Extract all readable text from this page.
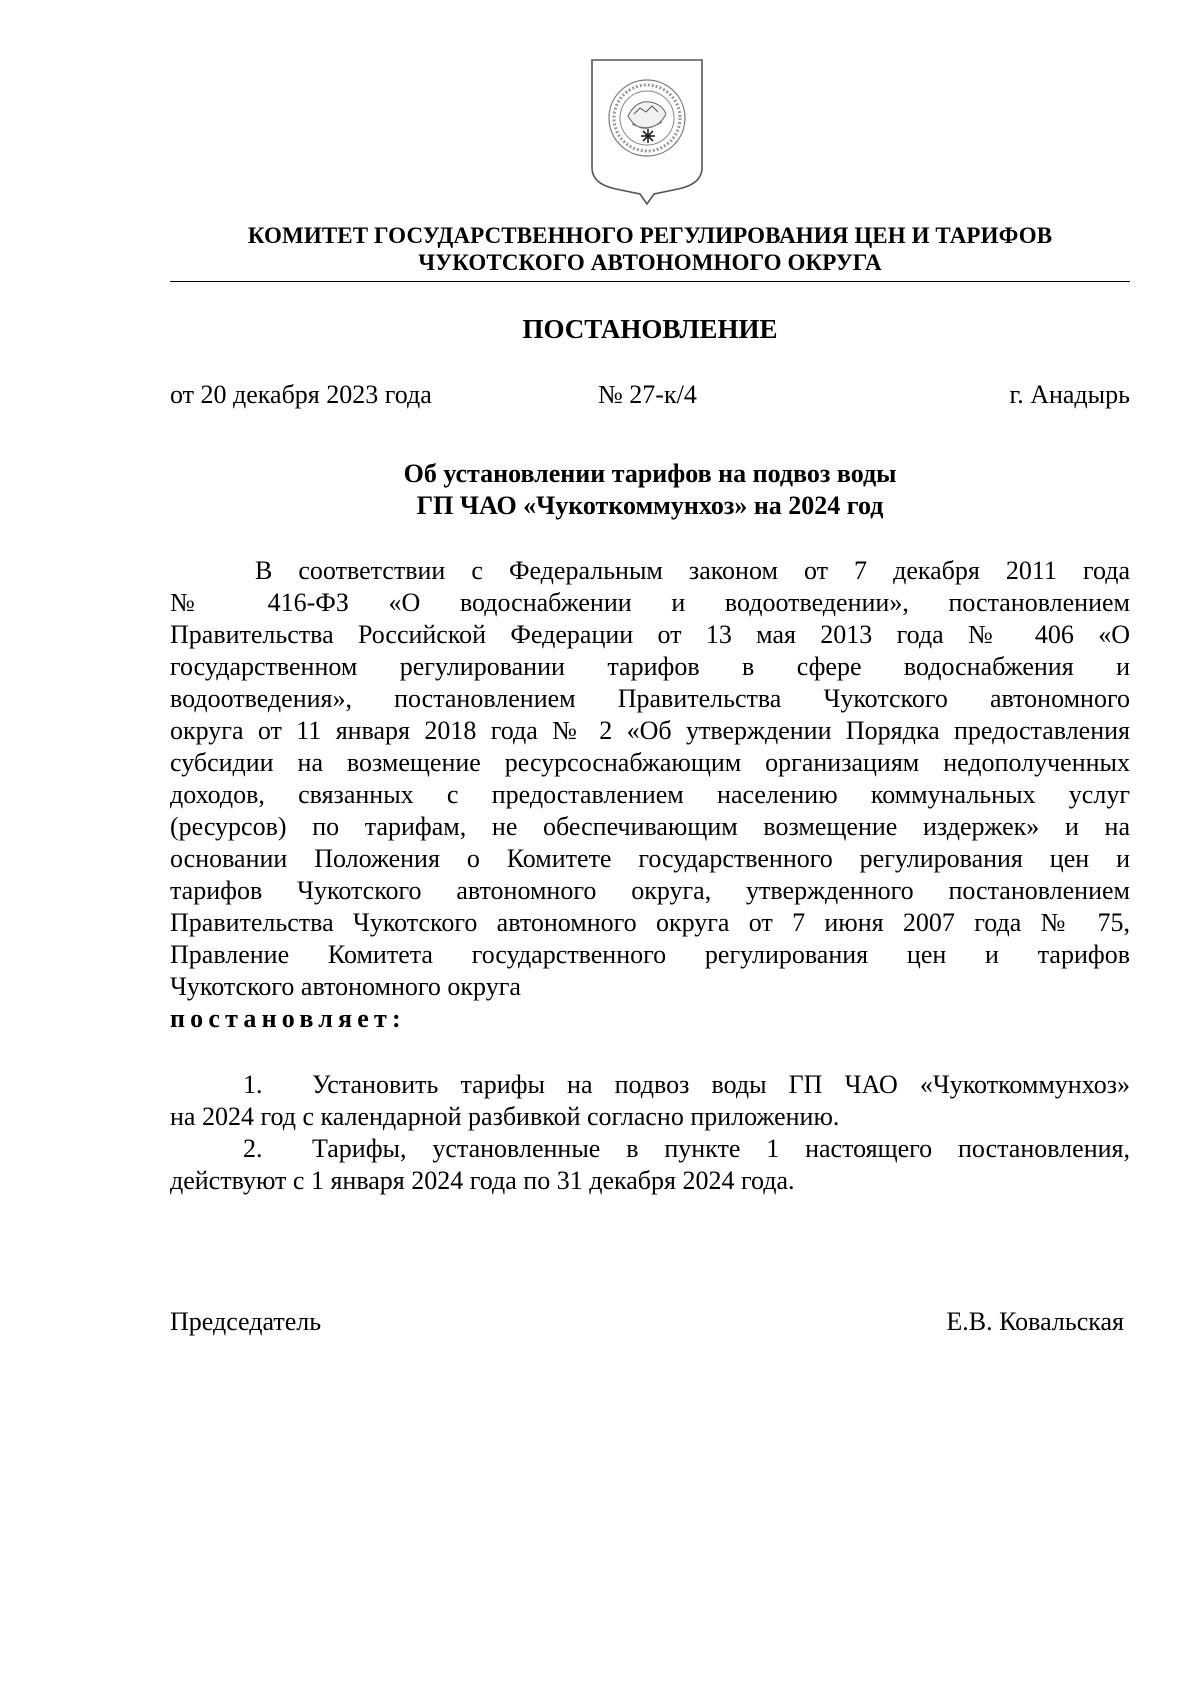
КОМИТЕТ ГОСУДАРСТВЕННОГО РЕГУЛИРОВАНИЯ ЦЕН И ТАРИФОВ
ЧУКОТСКОГО АВТОНОМНОГО ОКРУГА
ПОСТАНОВЛЕНИЕ
от 20 декабря 2023 года	№ 27-к/4	г. Анадырь
Об установлении тарифов на подвоз воды
ГП ЧАО «Чукоткоммунхоз» на 2024 год
В соответствии с Федеральным законом от 7 декабря 2011 года
№ 416-ФЗ «О водоснабжении и водоотведении», постановлением
Правительства Российской Федерации от 13 мая 2013 года № 406 «О
государственном регулировании тарифов в сфере водоснабжения и
водоотведения», постановлением Правительства Чукотского автономного
округа от 11 января 2018 года № 2 «Об утверждении Порядка предоставления
субсидии на возмещение ресурсоснабжающим организациям недополученных
доходов, связанных с предоставлением населению коммунальных услуг
(ресурсов) по тарифам, не обеспечивающим возмещение издержек» и на
основании Положения о Комитете государственного регулирования цен и
тарифов Чукотского автономного округа, утвержденного постановлением
Правительства Чукотского автономного округа от 7 июня 2007 года № 75,
Правление Комитета государственного регулирования цен и тарифов
Чукотского автономного округа
постановляет:
1.	Установить тарифы на подвоз воды ГП ЧАО «Чукоткоммунхоз»
на 2024 год с календарной разбивкой согласно приложению.
2.	Тарифы, установленные в пункте 1 настоящего постановления,
действуют с 1 января 2024 года по 31 декабря 2024 года.
Председатель	Е.В. Ковальская
